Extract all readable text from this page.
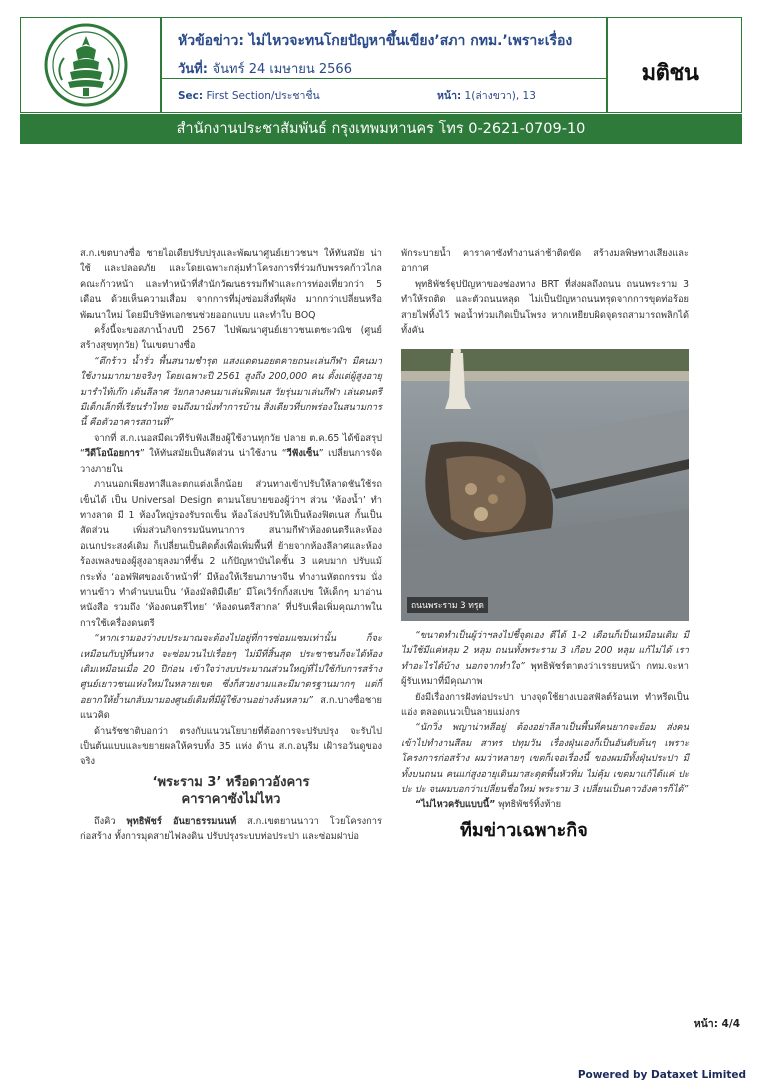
หัวข้อข่าว: ไม่ไหวจะทนโกยปัญหาขึ้นเขียง’สภา กทม.’เพราะเรื่อง
วันที่: จันทร์ 24 เมษายน 2566
Sec: First Section/ประชาชื่น	หน้า: 1(ล่างขวา), 13
มติชน
สำนักงานประชาสัมพันธ์ กรุงเทพมหานคร โทร 0-2621-0709-10

ส.ก.เขตบางซื่อ ชายไอเดียปรับปรุงและพัฒนาศูนย์เยาวชนฯ ให้ทันสมัย น่าใช้ และปลอดภัย และโดยเฉพาะกลุ่มทำโครงการที่ร่วมกับพรรคก้าวไกล คณะก้าวหน้า และทำหน้าที่สำนักวัฒนธรรมกีฬาและการท่องเที่ยวกว่า 5 เดือน ด้วยเห็นความเสื่อม จากการที่มุ่งซ่อมสิ่งที่ผุพัง มากกว่าเปลี่ยนหรือพัฒนาใหม่ โดยมีบริษัทเอกชนช่วยออกแบบ และทำใบ BOQ

ครั้งนี้จะขอสภาน้ำงบปี 2567 ไปพัฒนาศูนย์เยาวชนเตชะวณิช (ศูนย์สร้างสุขทุกวัย) ในเขตบางซื่อ

“ตึกร้าว น้ำรั่ว พื้นสนามชำรุด แสงแดดนอยดคายถนะเล่นกีฬา มีคนมาใช้งานมากมายจริงๆ โดยเฉพาะปี 2561 สูงถึง 200,000 คน ตั้งแต่ผู้สูงอายุมารำไท้เก๊ก เต้นลีลาศ วัยกลางคนมาเล่นฟิตเนส วัยรุ่นมาเล่นกีฬา เล่นดนตรี มีเด็กเล็กที่เรียนรำไทย จนถึงมานั่งทำการบ้าน สิ่งเดียวที่บกพร่องในสนามการนี้ คือตัวอาคารสถานที่”

จากที่ ส.ก.เนอสมีดเวทีรับฟังเสียงผู้ใช้งานทุกวัย ปลาย ต.ค.65 ได้ข้อสรุป “วีดีโอน้อยการ” ให้ทันสมัยเป็นสัดส่วน น่าใช้งาน “วีฟังเซ็น” เปลี่ยนการจัดวางภายใน

ภานนอกเพียงทาสีและตกแต่งเล็กน้อย ส่วนทางเข้าปรับให้ลาดชันใช้รถเข็นได้ เป็น Universal Design ตามนโยบายของผู้ว่าฯ ส่วน ‘ห้องน้ำ’ ทำทางลาด มี 1 ห้องใหญ่รองรับรถเข็น ห้องโล่งปรับให้เป็นห้องฟิตเนส กั้นเป็นสัดส่วน เพิ่มส่วนกิจกรรมนันทนาการ สนามกีฬาห้องดนตรีและห้องอเนกประสงค์เดิม ก็เปลี่ยนเป็นติดตั้งเพื่อเพิ่มพื้นที่ ย้ายจากห้องลีลาศและห้องร้องเพลงของผู้สูงอายุลงมาที่ชั้น 2 แก้ปัญหาบันไดชั้น 3 แคบมาก ปรับแม้กระทั่ง ‘ออฟฟิศของเจ้าหน้าที่’ มีห้องให้เรียนภาษาจีน ทำงานหัตถกรรม นั่งทานข้าว ทำคำนบนเป็น ‘ห้องมัลติมีเดีย’ มีโคเวิร์กกิ้งสเปซ ให้เด็กๆ มาอ่านหนังสือ รวมถึง ‘ห้องดนตรีไทย’ ‘ห้องดนตรีสากล’ ที่ปรับเพื่อเพิ่มคุณภาพในการใช้เครื่องดนตรี

“หากเรามองว่างบประมาณจะต้องไปอยู่ที่การซ่อมแซมเท่านั้น ก็จะเหมือนกับปู่ที่นหาง จะซ่อมวนไปเรื่อยๆ ไม่มีที่สิ้นสุด ประชาชนก็จะได้ห้องเดิมเหมือนเมื่อ 20 ปีก่อน เข้าใจว่างบประมาณส่วนใหญ่ที่ไปใช้กับการสร้างศูนย์เยาวชนแห่งใหม่ในหลายเขต ซึ่งก็สวยงามและมีมาตรฐานมากๆ แต่ก็อยากให้ย้ำนกลับมามองศูนย์เดิมที่มีผู้ใช้งานอย่างล้นหลาม” ส.ก.บางซื่อชายแนวคิด

ด้านรัชชาติบอกว่า ตรงกับแนวนโยบายที่ต้องการจะปรับปรุง จะรับไปเป็นต้นแบบและขยายผลให้ครบทั้ง 35 แห่ง ด้าน ส.ก.อนุรีม เฝ้ารอวันดูของจริง

‘พระราม 3’ หรือดาวอังคาร
คาราคาซังไม่ไหว

ถึงคิว พุทธิพัชร์ อันยาธรรมนนท์ ส.ก.เขตยานนาวา โวยโครงการก่อสร้าง ทั้งการมุดสายไฟลงดิน ปรับปรุงระบบท่อประปา และซ่อมฝาบ่อ

พักระบายน้ำ คาราคาซังทำงานล่าช้าติดขัด สร้างมลพิษทางเสียงและอากาศ

พุทธิพัชร์ฐุปปัญหาของช่องทาง BRT ที่ส่งผลถึงถนน ถนนพระราม 3 ทำให้รถติด และตัวถนนหลุด ไม่เป็นปัญหาถนนทรุดจากการขุดท่อร้อยสายไฟทิ้งไว้ พอน้ำท่วมเกิดเป็นโพรง หากเหยียบผิดจุดรถสามารถพลิกได้ทั้งคัน

ถนนพระราม 3 ทรุด

“ขนาดทำเป็นผู้ว่าฯลงไปชี้จุดเอง ดีได้ 1-2 เดือนก็เป็นเหมือนเดิม มีไม่ใช้มีแค่หลุม 2 หลุม ถนนทั้งพระราม 3 เกือบ 200 หลุม แก้ไม่ได้ เราทำอะไรได้บ้าง นอกจากทำใจ” พุทธิพัชร์ตาตงว่าเรรยบหน้า กทม.จะหาผู้รับเหมาที่มีคุณภาพ

ยังมีเรื่องการฝังท่อประปา บางจุดใช้ยางเบอสฟัลต์ร้อนเท ทำหรีดเป็นแอ่ง ตลอดแนวเป็นลายแม่งกร

“นักวิ่ง พญาน่าหลีอยู่ ต้องอย่าลีลาเป็นพื้นที่คนยากจะย้อม ส่งคนเข้าไปทำงานสีลม สาทร ปทุมวัน เรื่องฝุ่นเองก็เป็นอันดับต้นๆ เพราะโครงการก่อสร้าง ผมว่าหลายๆ เขตก็เจอเรื่องนี้ ของผมมีทั้งฝุ่นประปา มีทั้งบนถนน คนแก่สูงอายุเดินมาสะดุดพื้นหัวทิ่ม ไม่คุ้ม เขตมาแก้ได้แค่ ปะ ปะ ปะ จนผมบอกว่าเปลี่ยนชื่อใหม่ พระราม 3 เปลี่ยนเป็นดาวอังคารก็ได้”

“ไม่ไหวครับแบบนี้” พุทธิพัชร์ทิ้งท้าย

ทีมข่าวเฉพาะกิจ
หน้า: 4/4
Powered by Dataxet Limited
